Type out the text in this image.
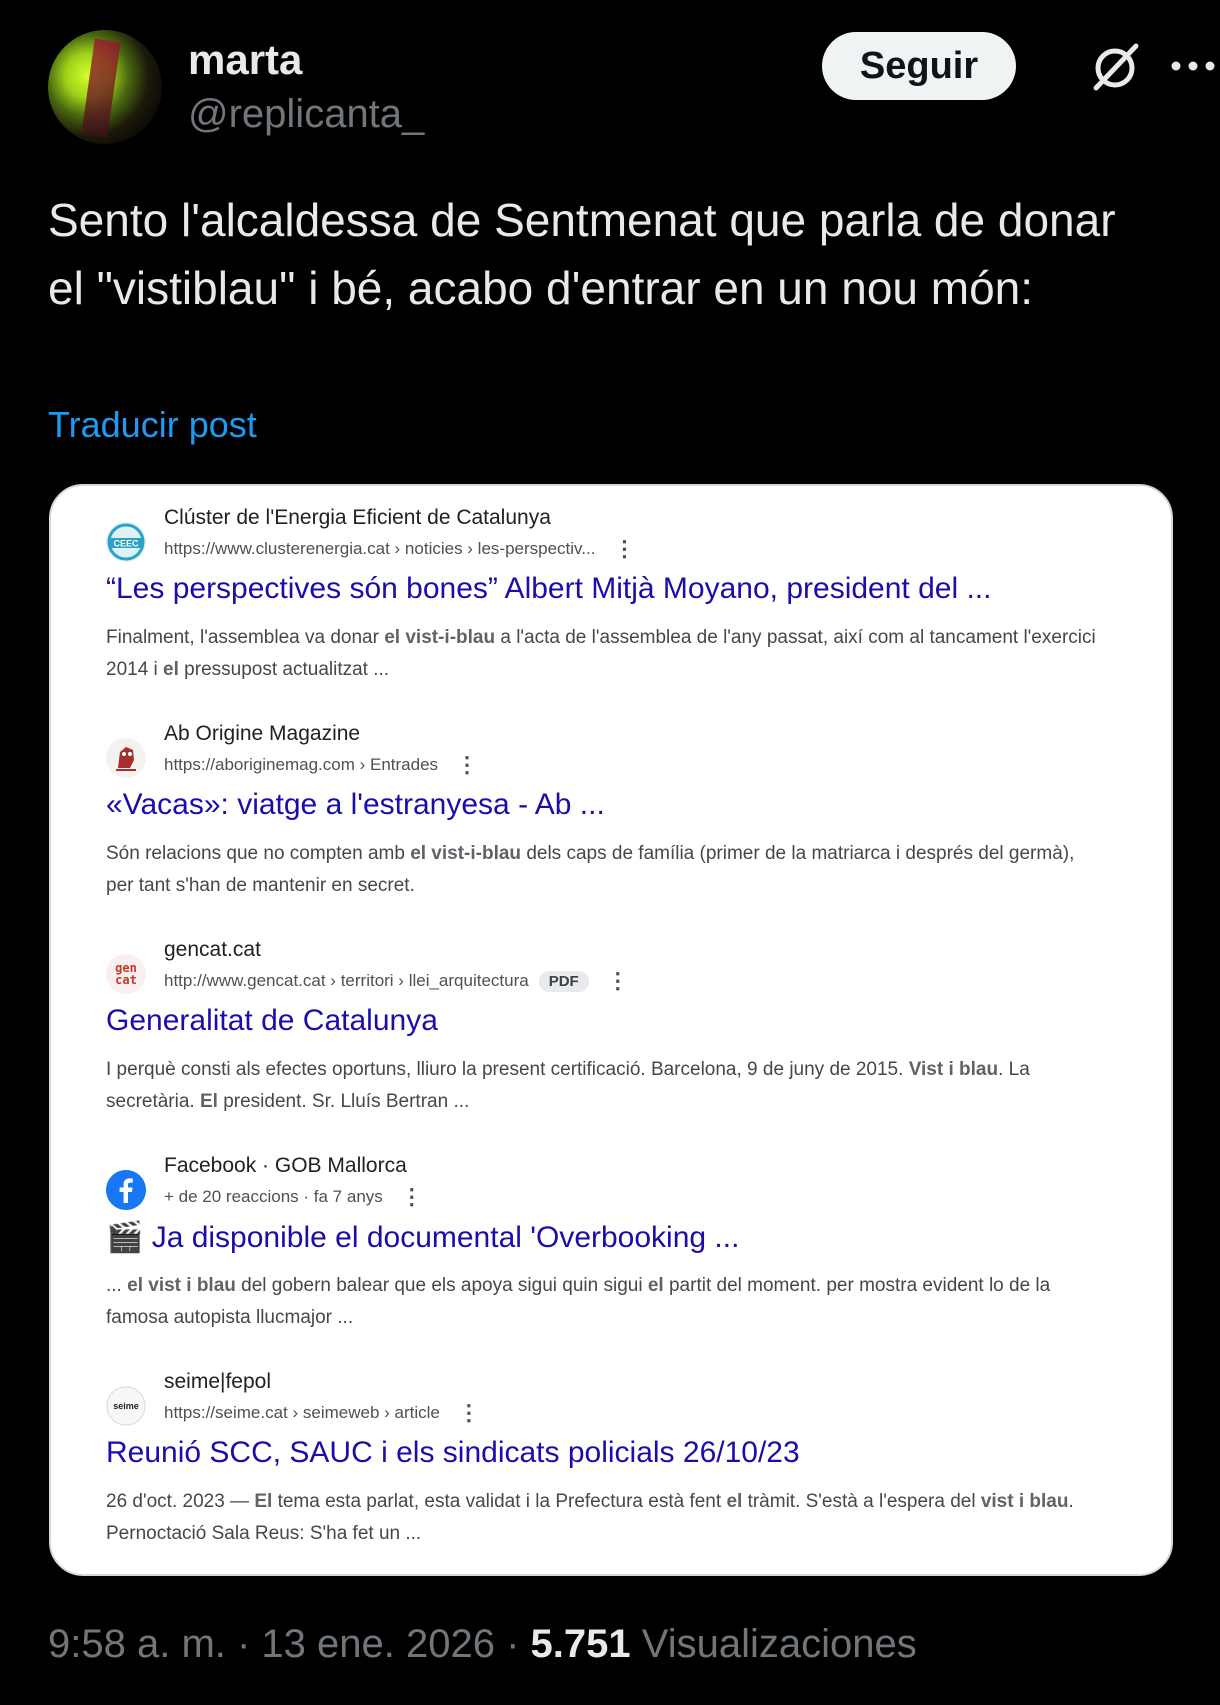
marta
@replicanta_
Seguir
Sento l'alcaldessa de Sentmenat que parla de donar el "vistiblau" i bé, acabo d'entrar en un nou món:
Traducir post
CEEC
Clúster de l'Energia Eficient de Catalunya
https://www.clusterenergia.cat › noticies › les-perspectiv... ⋮
“Les perspectives són bones” Albert Mitjà Moyano, president del ...
Finalment, l'assemblea va donar el vist-i-blau a l'acta de l'assemblea de l'any passat, així com al tancament l'exercici 2014 i el pressupost actualitzat ...
Ab Origine Magazine
https://aboriginemag.com › Entrades ⋮
«Vacas»: viatge a l'estranyesa - Ab ...
Són relacions que no compten amb el vist-i-blau dels caps de família (primer de la matriarca i després del germà), per tant s'han de mantenir en secret.
gen
cat
gencat.cat
http://www.gencat.cat › territori › llei_arquitectura	PDF	⋮
Generalitat de Catalunya
I perquè consti als efectes oportuns, lliuro la present certificació. Barcelona, 9 de juny de 2015. Vist i blau. La secretària. El president. Sr. Lluís Bertran ...
Facebook · GOB Mallorca
+ de 20 reaccions · fa 7 anys ⋮
🎬 Ja disponible el documental 'Overbooking ...
... el vist i blau del gobern balear que els apoya sigui quin sigui el partit del moment. per mostra evident lo de la famosa autopista llucmajor ...
seime
seime|fepol
https://seime.cat › seimeweb › article ⋮
Reunió SCC, SAUC i els sindicats policials 26/10/23
26 d'oct. 2023 — El tema esta parlat, esta validat i la Prefectura està fent el tràmit. S'està a l'espera del vist i blau. Pernoctació Sala Reus: S'ha fet un ...
9:58 a. m. · 13 ene. 2026 · 5.751 Visualizaciones
